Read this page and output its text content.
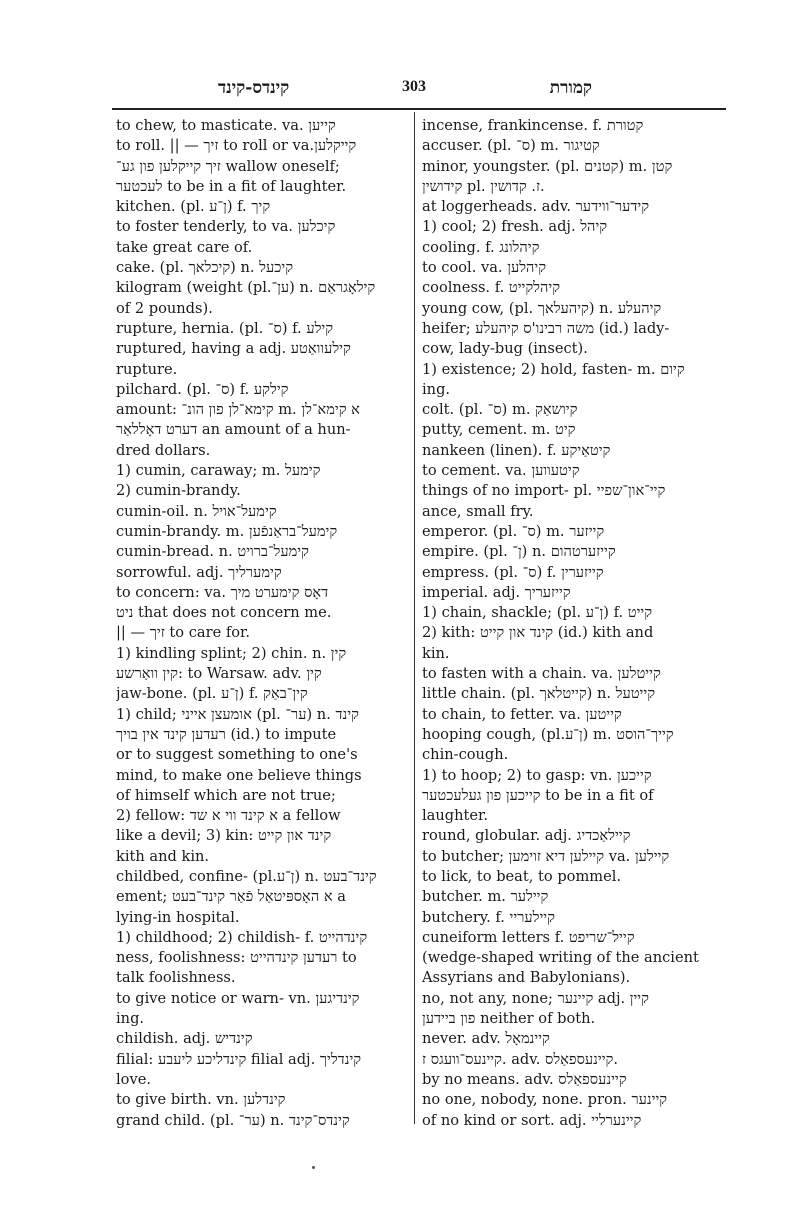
קינדס-קינד	303	קמורת
to chew, to masticate. va. קייען
to roll. || — זיך to roll or va.קייקלען
זיך קייקלען פון גע־ wallow oneself;
לעכטער to be in a fit of laughter.
kitchen. (pl. ן־ע) f. קיך
to foster tenderly, to va. קיכלען
take great care of.
cake. (pl. קיכלאך) n. קיכעל
kilogram (weight (pl.ען־) n. קילאָגראַם
of 2 pounds).
rupture, hernia. (pl. ס־) f. קילע
ruptured, having a adj. קילעוואַטע
rupture.
pilchard. (pl. ס־) f. קילקע
amount: קימא־לן פון הונ־ m. א קימא־לן
דערט דאָללאַר an amount of a hun-
dred dollars.
1) cumin, caraway; m. קימעל
2) cumin-brandy.
cumin-oil. n. קימעל־אויל
cumin-brandy. m. קימעל־בראַנפֿען
cumin-bread. n. קימעל־ברויט
sorrowful. adj. קימערליך
to concern: va. דאָס קימערט מיך
ניט that does not concern me.
|| — זיך to care for.
1) kindling splint; 2) chin. n. קין
קין וואַרשע: to Warsaw. adv. קין
jaw-bone. (pl. ן־ע) f. קין־באַק
1) child; אומעצן אייני (pl. ער־) n. קינד
רעדען קינד אין בויך (id.) to impute
or to suggest something to one's
mind, to make one believe things
of himself which are not true;
2) fellow: א קינד ווי א שד a fellow
like a devil; 3) kin: קינד און קייט
kith and kin.
childbed, confine- (pl.ן־ע) n. קינד־בעט
ement; א האָספּיטאַל פֿאַר קינד־בעט a
lying-in hospital.
1) childhood; 2) childish- f. קינדהייט
ness, foolishness: רעדען קינדהייט to
talk foolishness.
to give notice or warn- vn. קינדיגען
ing.
childish. adj. קינדיש
filial: קינדליכע ליעבע filial adj. קינדליך
love.
to give birth. vn. קינדלען
grand child. (pl. ער־) n. קינדס־קינד
incense, frankincense. f. קטורת
accuser. (pl. ס־) m. קטיגור
minor, youngster. (pl. קטנים) m. קטן
קידושין pl. ז. קדושין.
at loggerheads. adv. קידער־ווידער
1) cool; 2) fresh. adj. קיהל
cooling. f. קיהלונג
to cool. va. קיהלען
coolness. f. קיהלקייט
young cow, (pl. קיהעלאך) n. קיהעלע
heifer; משה רבינו'ס קיהעלע (id.) lady-
cow, lady-bug (insect).
1) existence; 2) hold, fasten- m. קיום
ing.
colt. (pl. ס־) m. קיושאַק
putty, cement. m. קיט
nankeen (linen). f. קיטאַיקע
to cement. va. קיטעווען
things of no import- pl. קיי־און־שפיי
ance, small fry.
emperor. (pl. ס־) m. קייזער
empire. (pl. ן־) n. קייזערטהום
empress. (pl. ס־) f. קייזערין
imperial. adj. קייזעריך
1) chain, shackle; (pl. ן־ע) f. קייט
2) kith: קינד און קייט (id.) kith and
kin.
to fasten with a chain. va. קייטלען
little chain. (pl. קייטלאך) n. קייטעל
to chain, to fetter. va. קייטען
hooping cough, (pl.ן־ע) m. קייך־הוסט
chin-cough.
1) to hoop; 2) to gasp: vn. קייכען
קייכען פון געלעכטער to be in a fit of
laughter.
round, globular. adj. קיילאַכדיג
to butcher; קיילען דיא זוימען va. קיילען
to lick, to beat, to pommel.
butcher. m. קיילער
butchery. f. קיילעריי
cuneiform letters f. קייל־שריפט
(wedge-shaped writing of the ancient
Assyrians and Babylonians).
no, not any, none; קיינער adj. קיין
פון ביידען neither of both.
never. adv. קיינמאָל
קיינעס־וועגס ז. adv. קיינעספאַלס.
by no means. adv. קיינעספאַלס
no one, nobody, none. pron. קיינער
of no kind or sort. adj. קיינערליי
